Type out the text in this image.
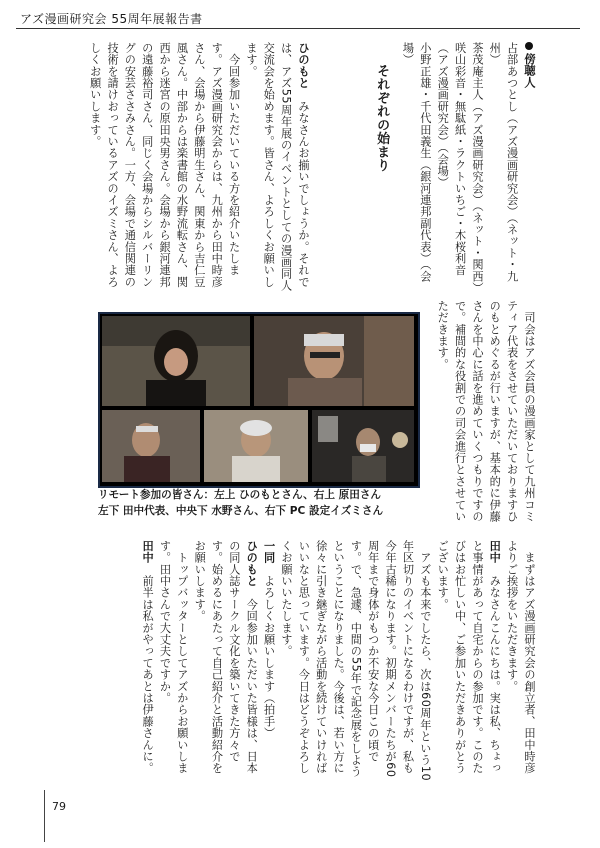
アズ漫画研究会 55周年展報告書

傍聴人

占部あつとし（アズ漫画研究会）（ネット・九州）

茶茂庵主人（アズ漫画研究会）（ネット・関西）

咲山彩音・無駄紙・ラクトいちご・木桜利音（アズ漫画研究会）（会場）

小野正雄・千代田義生（銀河連邦副代表）（会場）

それぞれの始まり

ひのもと　みなさんお揃いでしょうか。それでは、アズ55周年展のイベントとしての漫画同人交流会を始めます。皆さん、よろしくお願いします。

　今回参加いただいている方を紹介いたします。アズ漫画研究会からは、九州から田中時彦さん、会場から伊藤明生さん、関東から吉仁豆風さん。中部からは楽書館の水野流転さん、関西から迷宮の原田央男さん。会場から銀河連邦の遠藤裕司さん、同じく会場からシルバーリングの安芸ささみさん。一方、会場で通信関連の技術を請けおっているアズのイズミさん、よろしくお願いします。

　司会はアズ会員の漫画家として九州コミティア代表をさせていただいておりますひのもとめぐるが行いますが、基本的に伊藤さんを中心に話を進めていくつもりですので。補間的な役割での司会進行とさせていただきます。

リモート参加の皆さん：左上 ひのもとさん、右上 原田さん
左下 田中代表、中央下 水野さん、右下 PC 設定イズミさん

　まずはアズ漫画研究会の創立者、田中時彦よりご挨拶をいただきます。

田中　みなさんこんにちは。実は私、ちょっと事情があって自宅からの参加です。このたびはお忙しい中、ご参加いただきありがとうございます。

　アズも本来でしたら、次は60周年という10年区切りのイベントになるわけですが、私も今年古稀になります。初期メンバーたちが60周年まで身体がもつか不安な今日この頃です。で、急遽、中間の55年で記念展をしようということになりました。今後は、若い方に徐々に引き継ぎながら活動を続けていければいいなと思っています。今日はどうぞよろしくお願いいたします。

一同　よろしくお願いします（拍手）

ひのもと　今回参加いただいた皆様は、日本の同人誌サークル文化を築いてきた方々です。始めるにあたって自己紹介と活動紹介をお願いします。

　トップバッターとしてアズからお願いします。田中さんで大丈夫ですか。

田中　前半は私がやってあとは伊藤さんに。

79
